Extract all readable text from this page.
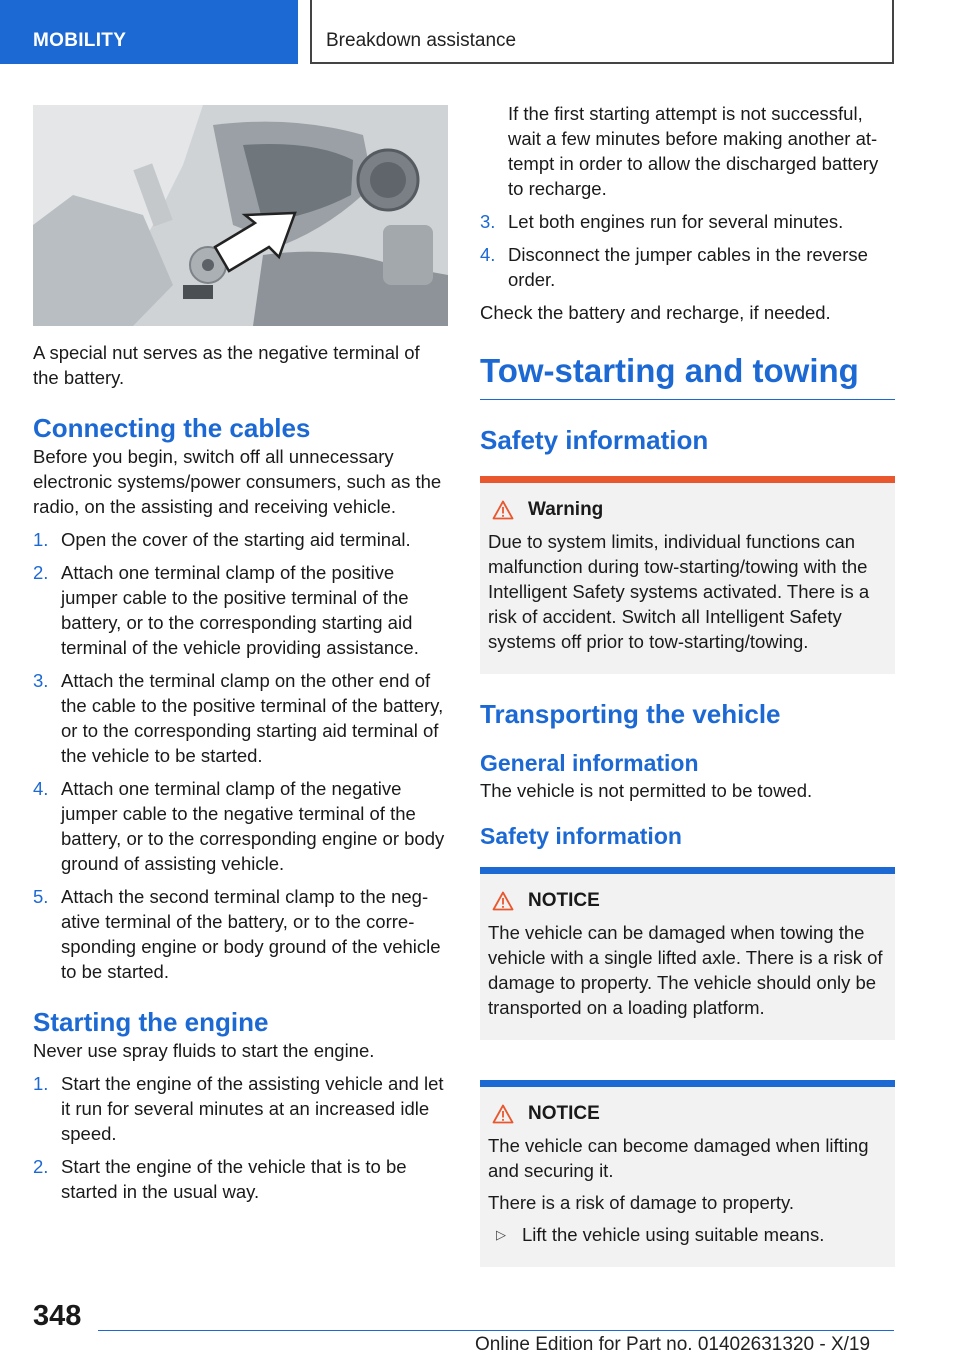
MOBILITY	Breakdown assistance

A special nut serves as the negative terminal of the battery.

Connecting the cables

Before you begin, switch off all unnecessary electronic systems/power consumers, such as the radio, on the assisting and receiving vehicle.

1. Open the cover of the starting aid terminal.
2. Attach one terminal clamp of the positive jumper cable to the positive terminal of the battery, or to the corresponding starting aid terminal of the vehicle providing assistance.
3. Attach the terminal clamp on the other end of the cable to the positive terminal of the battery, or to the corresponding starting aid terminal of the vehicle to be started.
4. Attach one terminal clamp of the negative jumper cable to the negative terminal of the battery, or to the corresponding engine or body ground of assisting vehicle.
5. Attach the second terminal clamp to the negative terminal of the battery, or to the corresponding engine or body ground of the vehicle to be started.
Starting the engine

Never use spray fluids to start the engine.

1. Start the engine of the assisting vehicle and let it run for several minutes at an increased idle speed.
2. Start the engine of the vehicle that is to be started in the usual way.

If the first starting attempt is not successful, wait a few minutes before making another attempt in order to allow the discharged battery to recharge.

3. Let both engines run for several minutes.
4. Disconnect the jumper cables in the reverse order.

Check the battery and recharge, if needed.

Tow-starting and towing
Safety information
Warning

Due to system limits, individual functions can malfunction during tow-starting/towing with the Intelligent Safety systems activated. There is a risk of accident. Switch all Intelligent Safety systems off prior to tow-starting/towing.

Transporting the vehicle
General information

The vehicle is not permitted to be towed.

Safety information
NOTICE

The vehicle can be damaged when towing the vehicle with a single lifted axle. There is a risk of damage to property. The vehicle should only be transported on a loading platform.

NOTICE

The vehicle can become damaged when lifting and securing it.

There is a risk of damage to property.

▷ Lift the vehicle using suitable means.
348
Online Edition for Part no. 01402631320 - X/19
